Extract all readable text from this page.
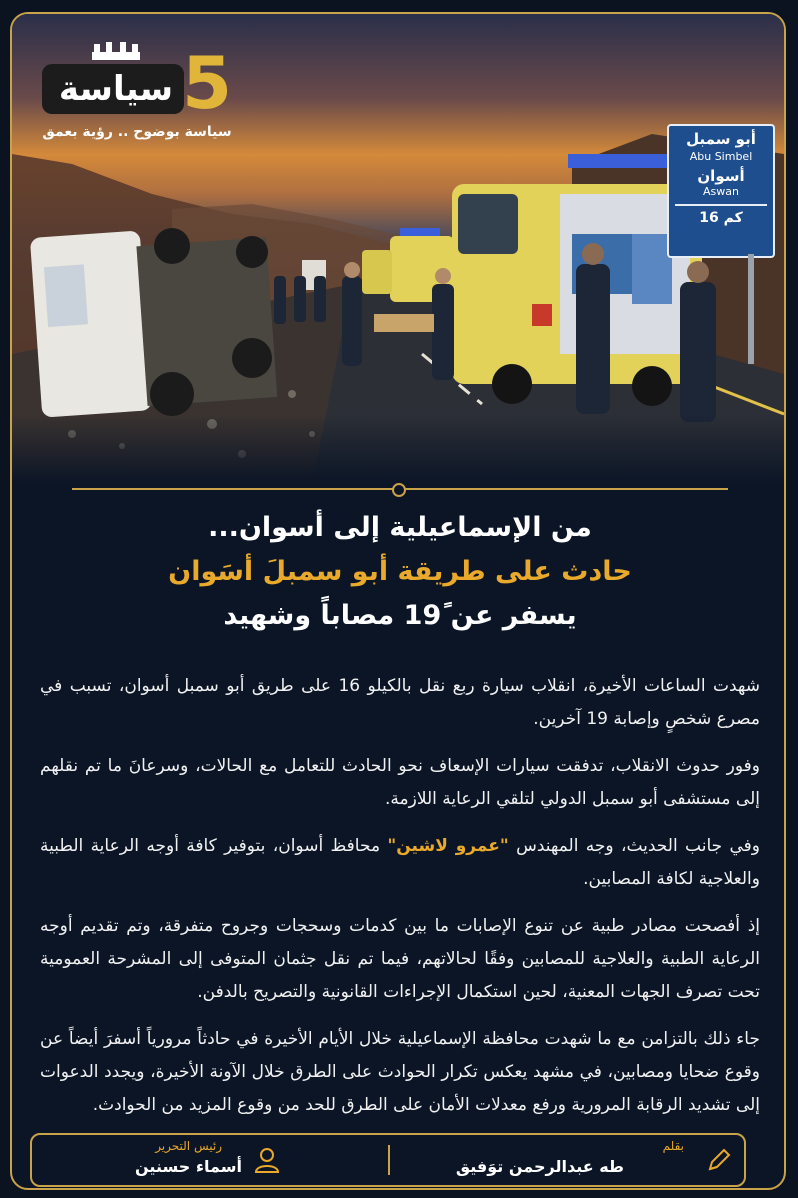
أبو سمبل
Abu Simbel
أسوان
Aswan
16 كم
سياسة 5
سياسة بوضوح .. رؤية بعمق
من الإسماعيلية إلى أسوان...
حادث على طريقة أبو سمبلَ أسَوان
يسفر عن 19ً مصاباً وشهيد

شهدت الساعات الأخيرة، انقلاب سيارة ربع نقل بالكيلو 16 على طريق أبو سمبل أسوان، تسبب في مصرع شخصٍ وإصابة 19 آخرين.

وفور حدوث الانقلاب، تدفقت سيارات الإسعاف نحو الحادث للتعامل مع الحالات، وسرعانَ ما تم نقلهم إلى مستشفى أبو سمبل الدولي لتلقي الرعاية اللازمة.

وفي جانب الحديث، وجه المهندس "عمرو لاشين" محافظ أسوان، بتوفير كافة أوجه الرعاية الطبية والعلاجية لكافة المصابين.

إذ أفصحت مصادر طبية عن تنوع الإصابات ما بين كدمات وسحجات وجروح متفرقة، وتم تقديم أوجه الرعاية الطبية والعلاجية للمصابين وفقًا لحالاتهم، فيما تم نقل جثمان المتوفى إلى المشرحة العمومية تحت تصرف الجهات المعنية، لحين استكمال الإجراءات القانونية والتصريح بالدفن.

جاء ذلك بالتزامن مع ما شهدت محافظة الإسماعيلية خلال الأيام الأخيرة في حادثاً مرورياً أسفرَ أيضاً عن وقوع ضحايا ومصابين، في مشهد يعكس تكرار الحوادث على الطرق خلال الآونة الأخيرة، ويجدد الدعوات إلى تشديد الرقابة المرورية ورفع معدلات الأمان على الطرق للحد من وقوع المزيد من الحوادث.

بقلم
طه عبدالرحمن توَفيق
رئيس التحرير
أسماء حسنين
